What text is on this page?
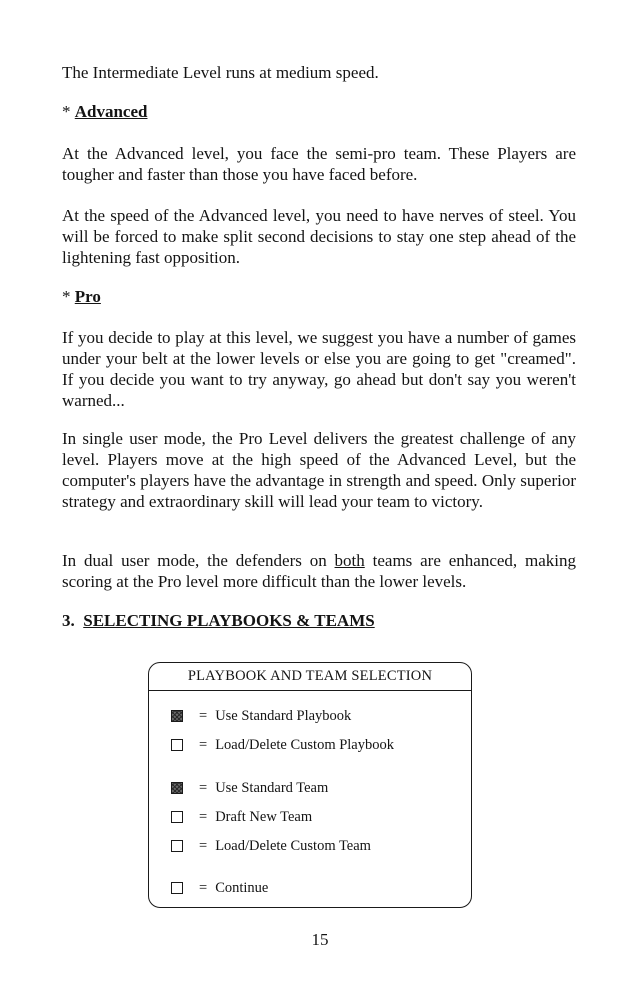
The Intermediate Level runs at medium speed.

* Advanced

At the Advanced level, you face the semi-pro team. These Players are tougher and faster than those you have faced before.

At the speed of the Advanced level, you need to have nerves of steel. You will be forced to make split second decisions to stay one step ahead of the lightening fast opposition.

* Pro

If you decide to play at this level, we suggest you have a number of games under your belt at the lower levels or else you are going to get "creamed". If you decide you want to try anyway, go ahead but don't say you weren't warned...

In single user mode, the Pro Level delivers the greatest challenge of any level. Players move at the high speed of the Advanced Level, but the computer's players have the advantage in strength and speed. Only superior strategy and extraordinary skill will lead your team to victory.

In dual user mode, the defenders on both teams are enhanced, making scoring at the Pro level more difficult than the lower levels.

3. SELECTING PLAYBOOKS & TEAMS

PLAYBOOK AND TEAM SELECTION
= Use Standard Playbook
= Load/Delete Custom Playbook
= Use Standard Team
= Draft New Team
= Load/Delete Custom Team
= Continue
15
